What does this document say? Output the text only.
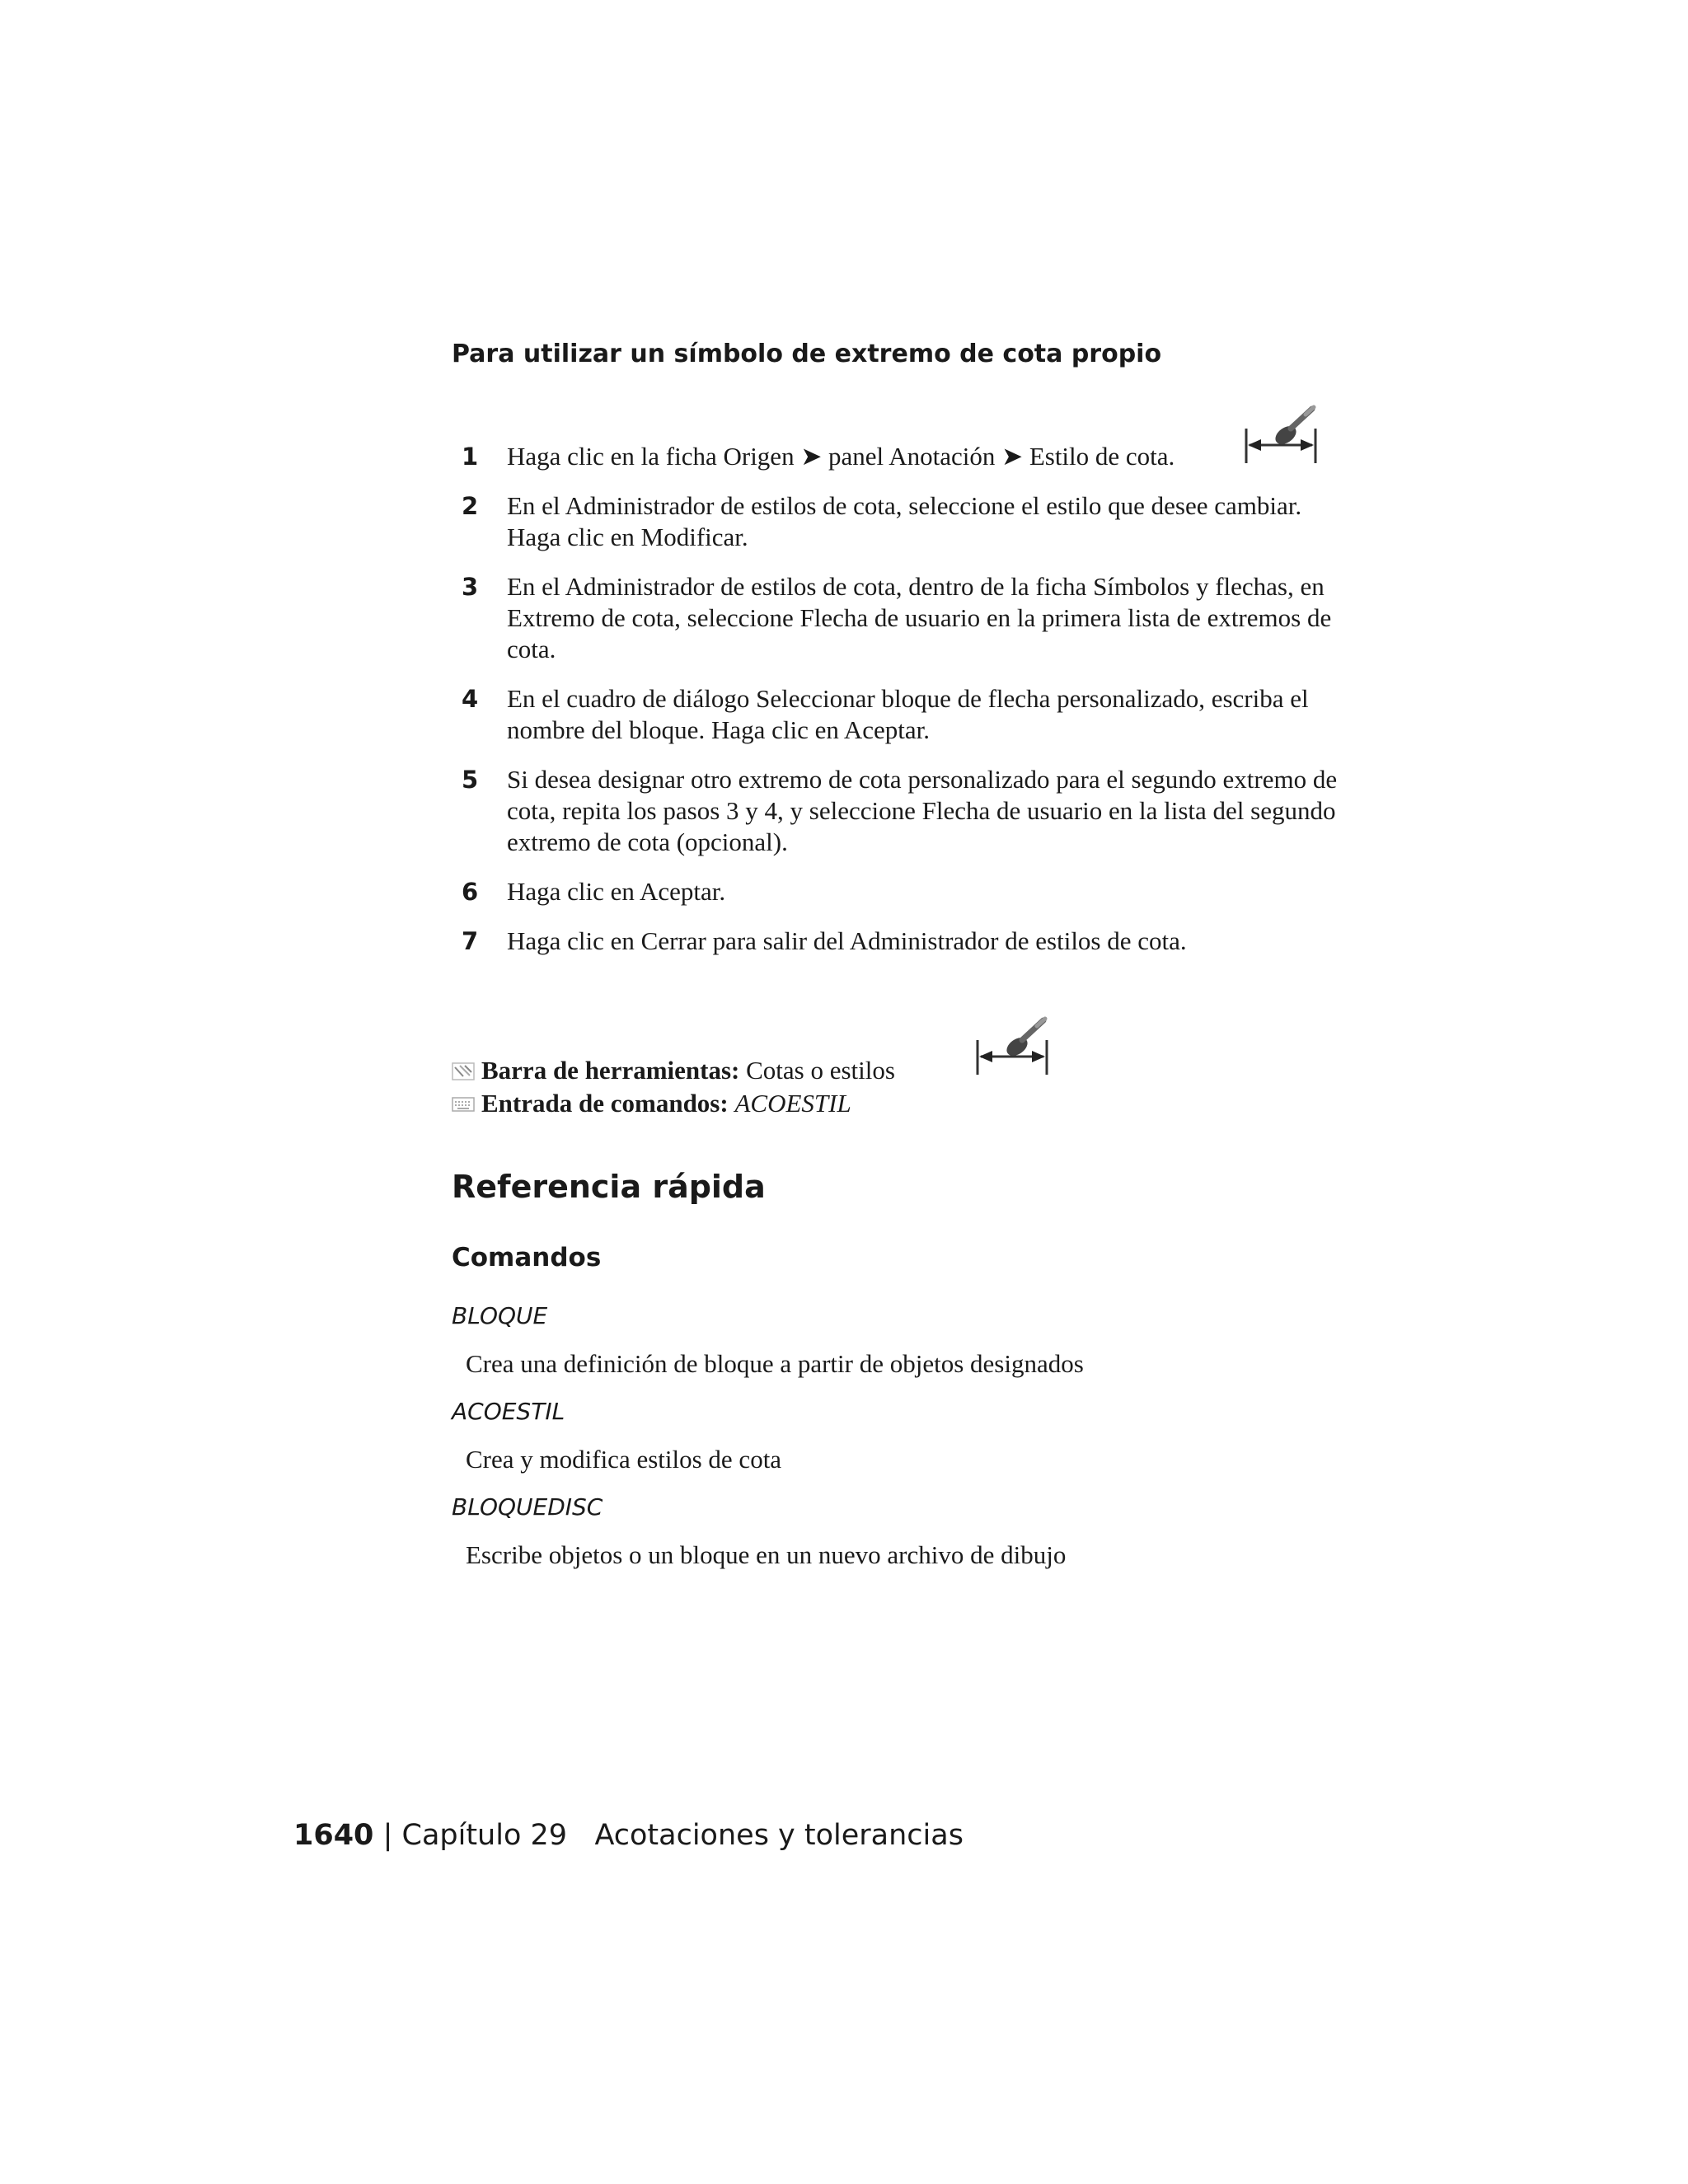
Para utilizar un símbolo de extremo de cota propio
1 Haga clic en la ficha Origen ➤ panel Anotación ➤ Estilo de cota.
2 En el Administrador de estilos de cota, seleccione el estilo que desee cambiar. Haga clic en Modificar.
3 En el Administrador de estilos de cota, dentro de la ficha Símbolos y flechas, en Extremo de cota, seleccione Flecha de usuario en la primera lista de extremos de cota.
4 En el cuadro de diálogo Seleccionar bloque de flecha personalizado, escriba el nombre del bloque. Haga clic en Aceptar.
5 Si desea designar otro extremo de cota personalizado para el segundo extremo de cota, repita los pasos 3 y 4, y seleccione Flecha de usuario en la lista del segundo extremo de cota (opcional).
6 Haga clic en Aceptar.
7 Haga clic en Cerrar para salir del Administrador de estilos de cota.
Barra de herramientas: Cotas o estilos
Entrada de comandos: ACOESTIL
Referencia rápida
Comandos
BLOQUE
Crea una definición de bloque a partir de objetos designados
ACOESTIL
Crea y modifica estilos de cota
BLOQUEDISC
Escribe objetos o un bloque en un nuevo archivo de dibujo
1640 | Capítulo 29 Acotaciones y tolerancias
